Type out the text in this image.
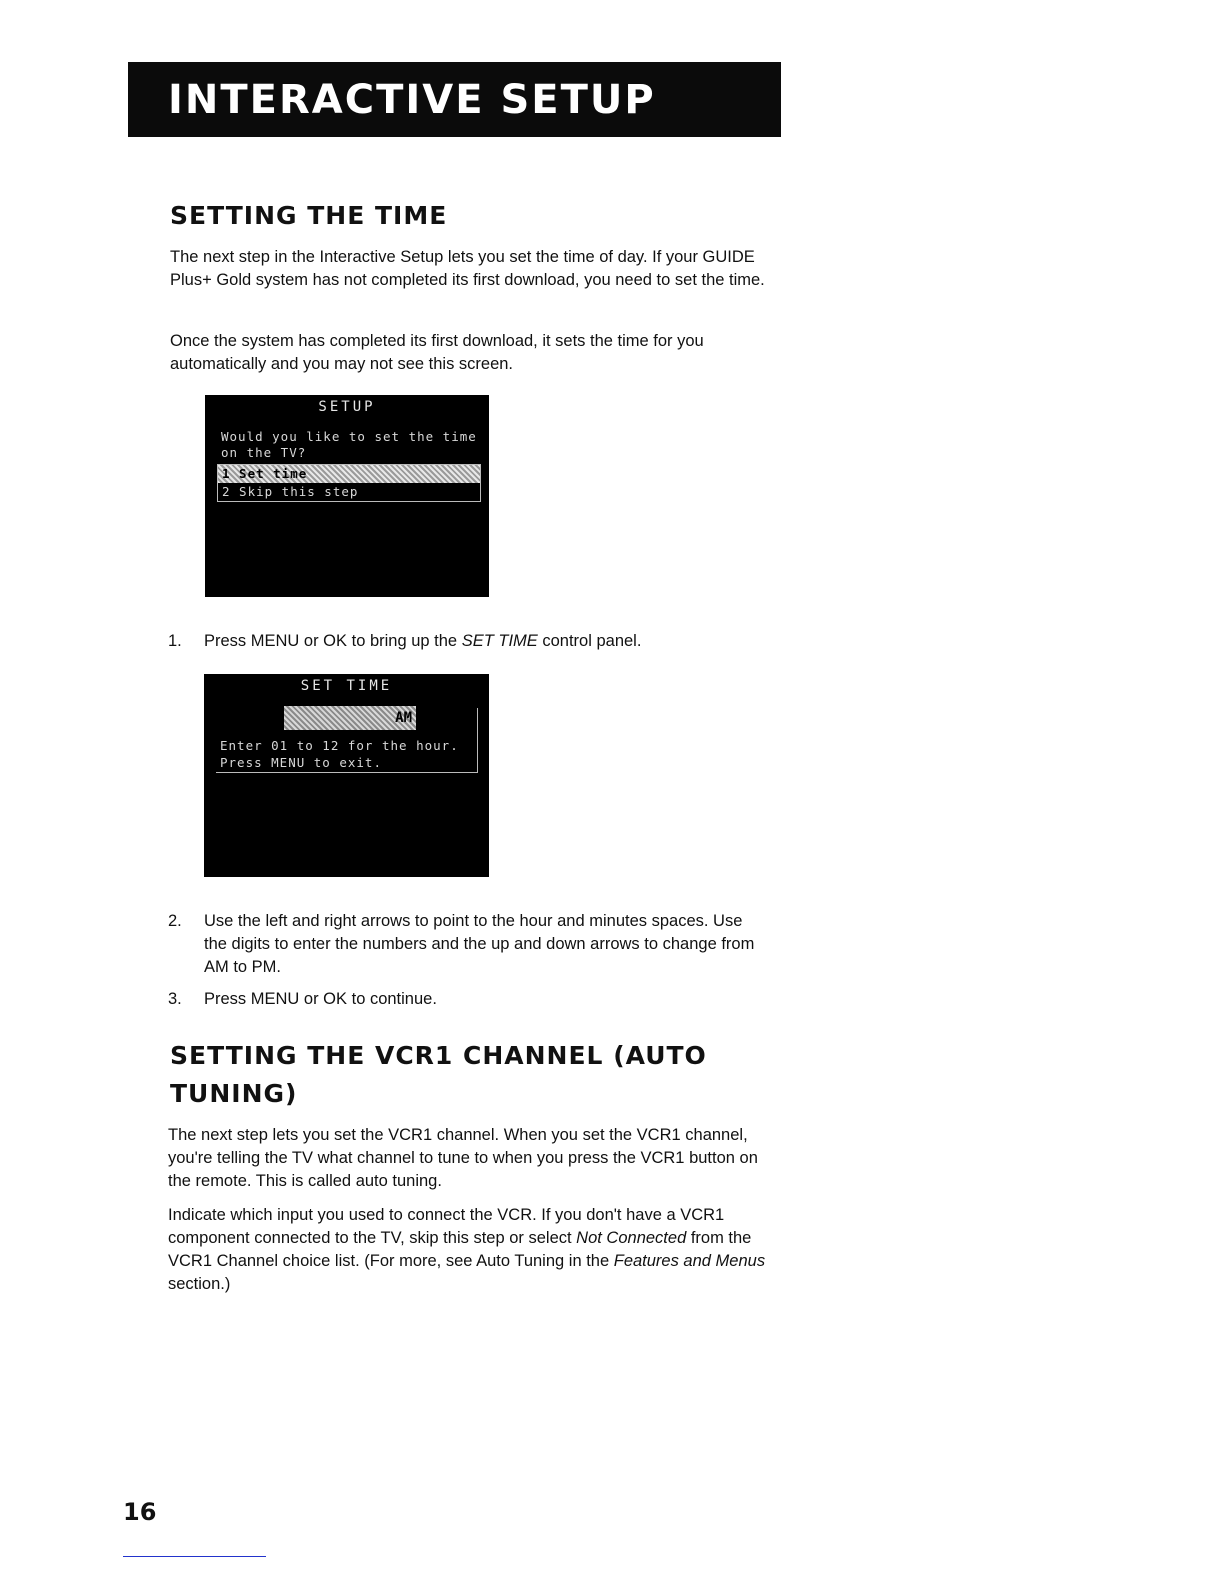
INTERACTIVE SETUP
SETTING THE TIME

The next step in the Interactive Setup lets you set the time of day. If your GUIDE Plus+ Gold system has not completed its first download, you need to set the time.

Once the system has completed its first download, it sets the time for you automatically and you may not see this screen.

SETUP
Would you like to set the time
on the TV?
1 Set time
2 Skip this step
1. Press MENU or OK to bring up the SET TIME control panel.
SET TIME
AM
Enter 01 to 12 for the hour.
Press MENU to exit.
2. Use the left and right arrows to point to the hour and minutes spaces. Use the digits to enter the numbers and the up and down arrows to change from AM to PM.
3. Press MENU or OK to continue.
SETTING THE VCR1 CHANNEL (AUTO
TUNING)

The next step lets you set the VCR1 channel. When you set the VCR1 channel, you're telling the TV what channel to tune to when you press the VCR1 button on the remote. This is called auto tuning.

Indicate which input you used to connect the VCR. If you don't have a VCR1 component connected to the TV, skip this step or select Not Connected from the VCR1 Channel choice list. (For more, see Auto Tuning in the Features and Menus section.)

16
